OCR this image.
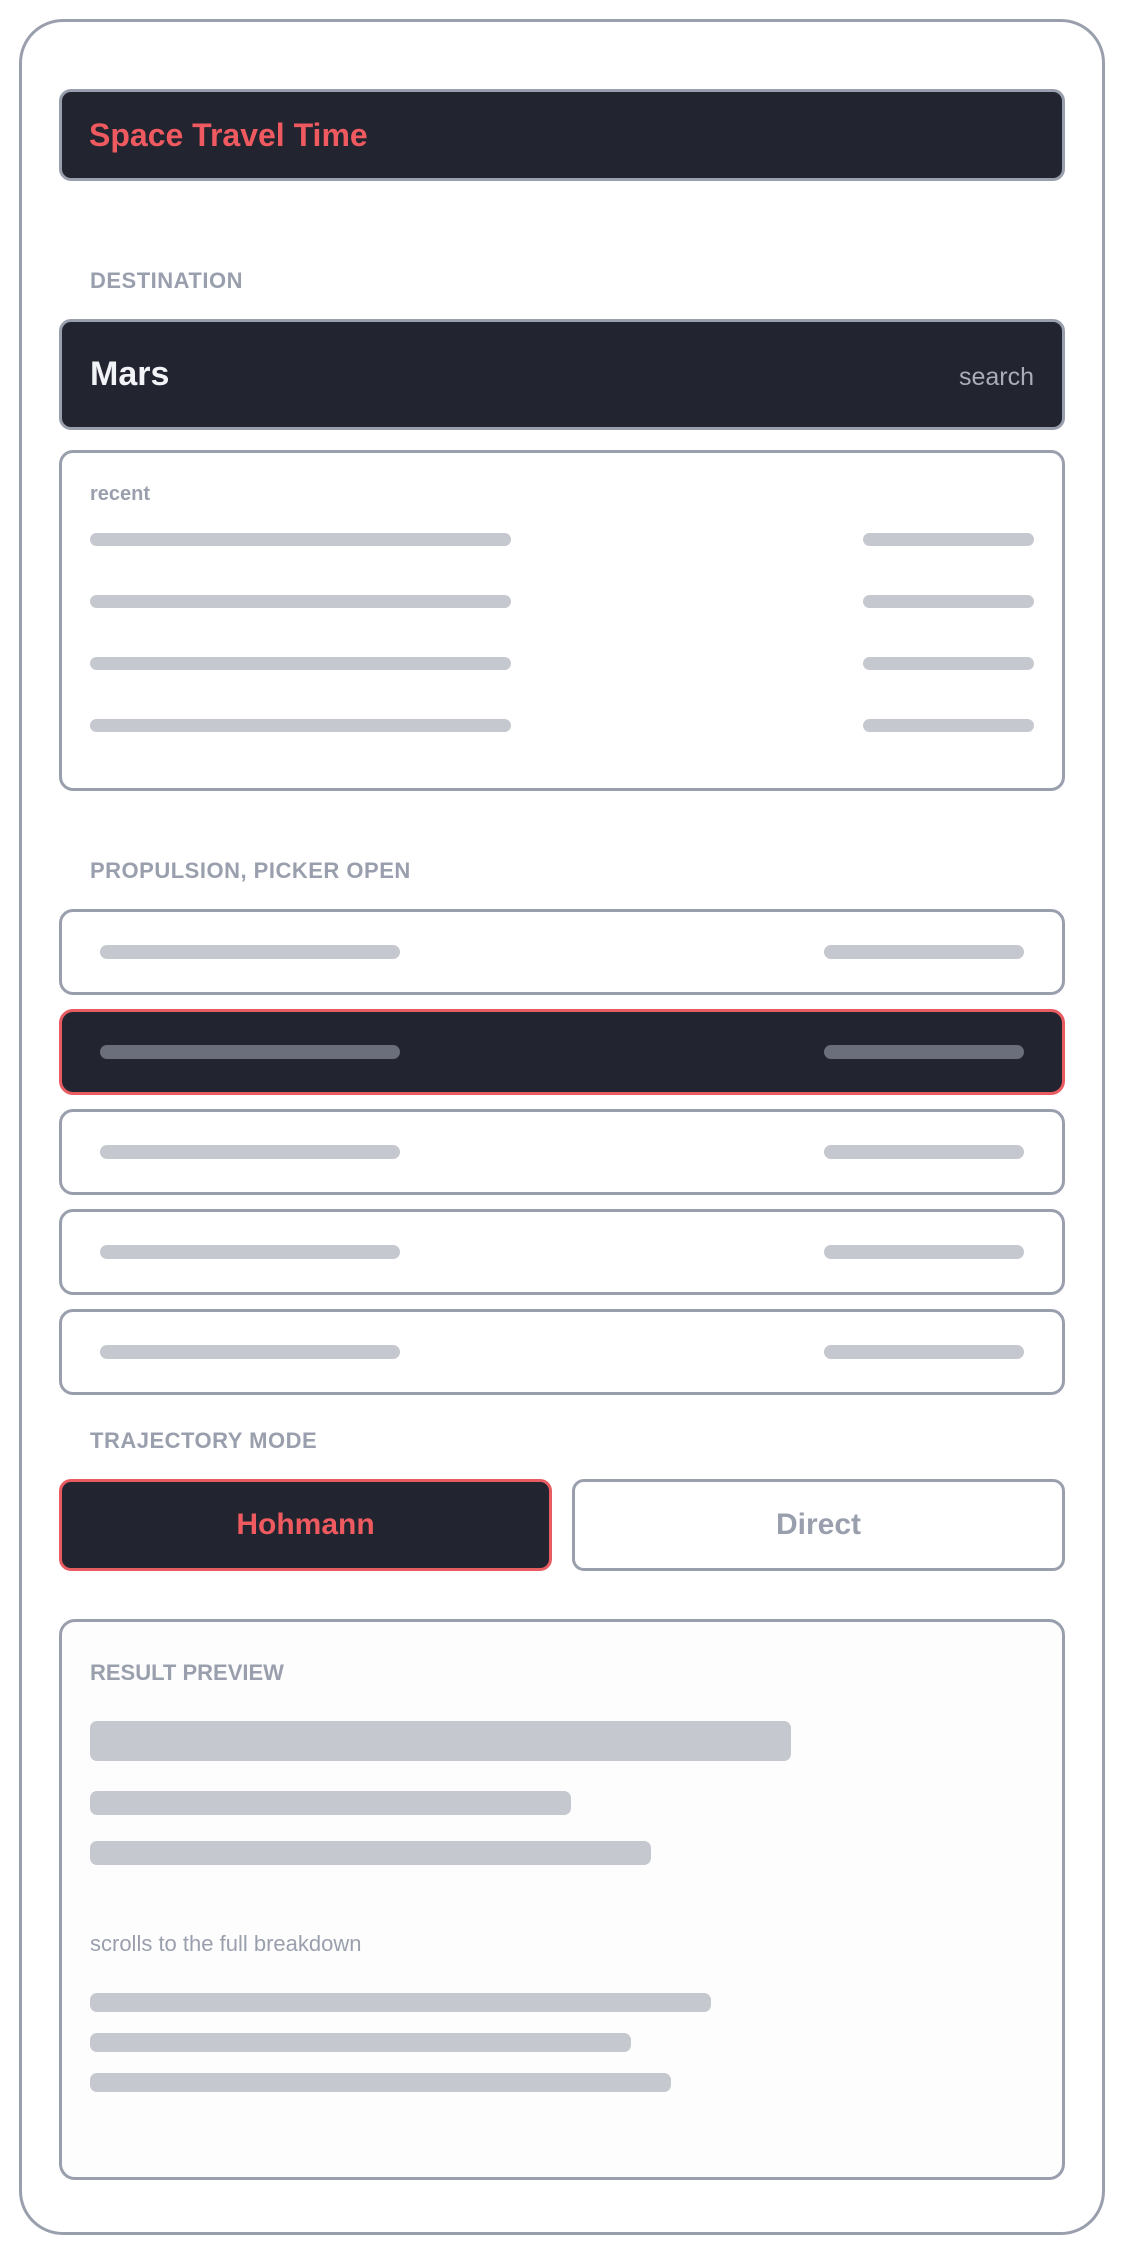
Space Travel Time
DESTINATION
Mars	search
recent
PROPULSION, PICKER OPEN
TRAJECTORY MODE
Hohmann	Direct
RESULT PREVIEW
scrolls to the full breakdown
